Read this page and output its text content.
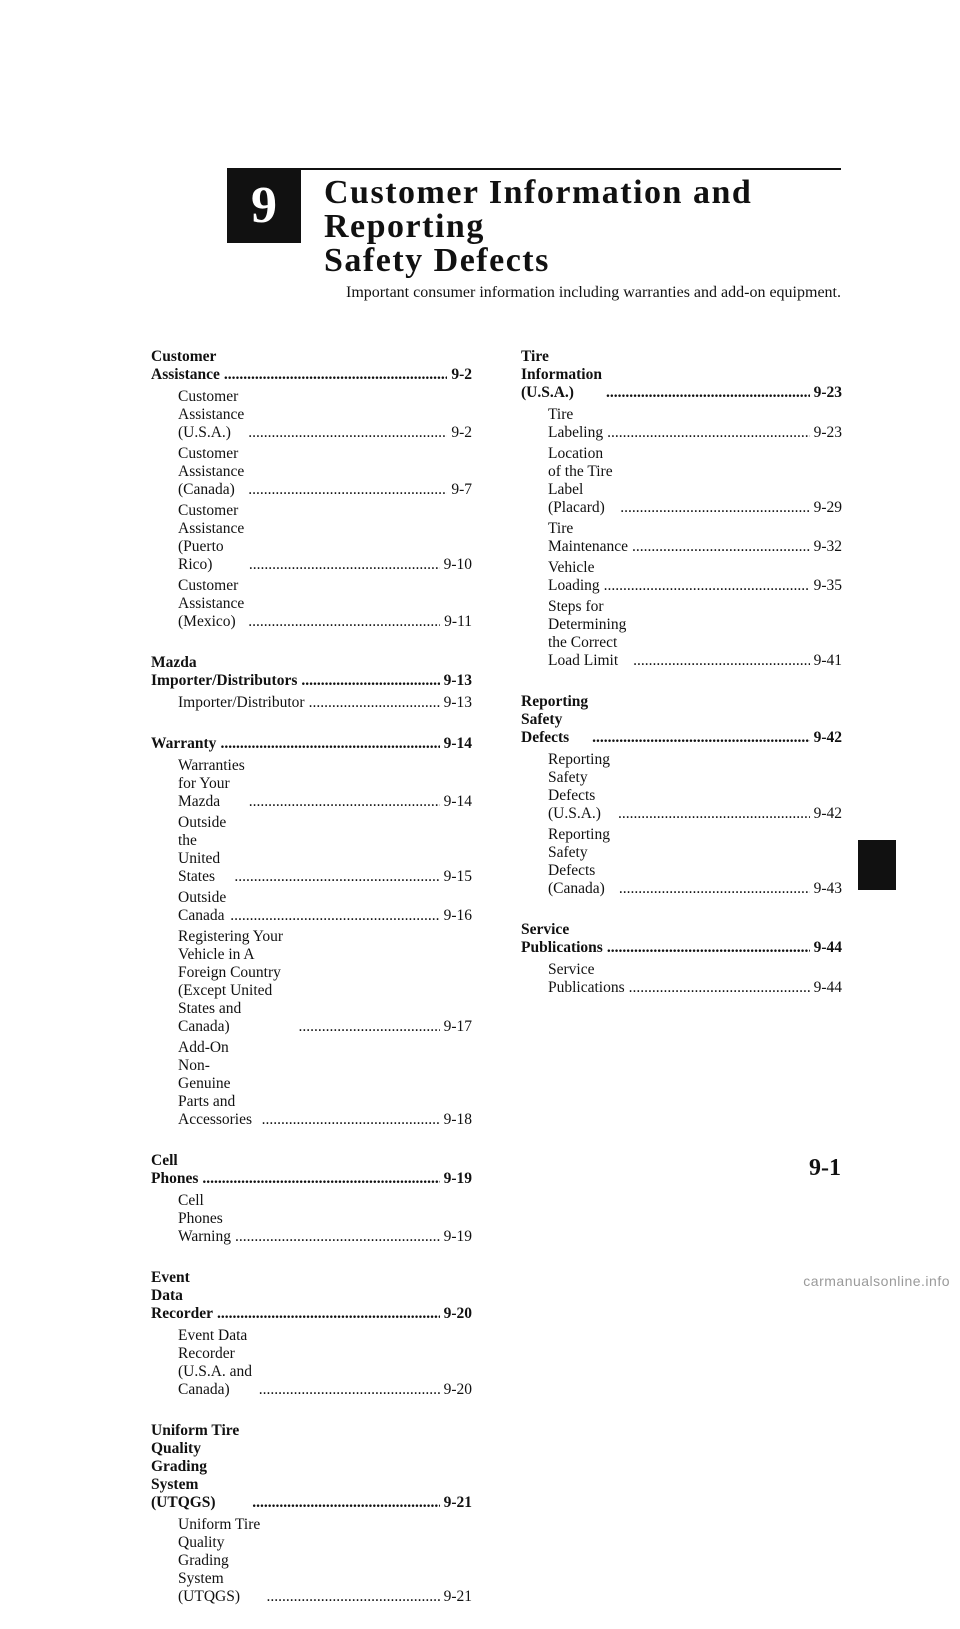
9 Customer Information and Reporting
Safety Defects
Important consumer information including warranties and add-on equipment.
Customer Assistance .....	9-2
Customer Assistance (U.S.A.) .....	9-2
Customer Assistance (Canada) .....	9-7
Customer Assistance (Puerto Rico) .....	9-10
Customer Assistance (Mexico) .....	9-11
Mazda Importer/Distributors .....	9-13
Importer/Distributor .....	9-13
Warranty .....	9-14
Warranties for Your Mazda .....	9-14
Outside the United States .....	9-15
Outside Canada .....	9-16
Registering Your Vehicle in A Foreign Country (Except United States and Canada) .....	9-17
Add-On Non-Genuine Parts and Accessories .....	9-18
Cell Phones .....	9-19
Cell Phones Warning .....	9-19
Event Data Recorder .....	9-20
Event Data Recorder (U.S.A. and Canada) .....	9-20
Uniform Tire Quality Grading System (UTQGS) .....	9-21
Uniform Tire Quality Grading System (UTQGS) .....	9-21
Tire Information (U.S.A.) .....	9-23
Tire Labeling .....	9-23
Location of the Tire Label (Placard) .....	9-29
Tire Maintenance .....	9-32
Vehicle Loading .....	9-35
Steps for Determining the Correct Load Limit .....	9-41
Reporting Safety Defects .....	9-42
Reporting Safety Defects (U.S.A.) .....	9-42
Reporting Safety Defects (Canada) .....	9-43
Service Publications .....	9-44
Service Publications .....	9-44
9-1
carmanualsonline.info
